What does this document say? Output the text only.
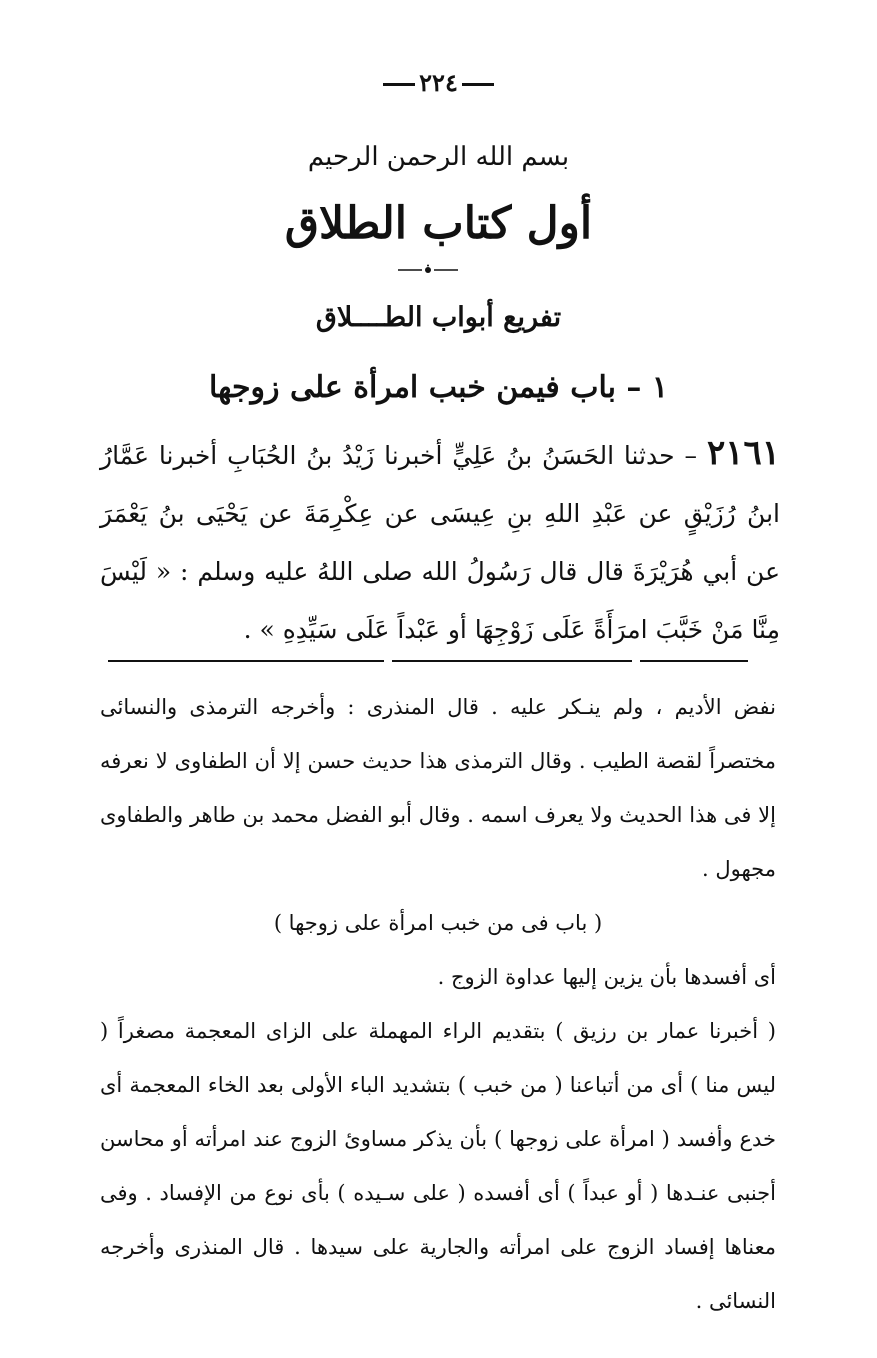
٢٢٤
بسم الله الرحمن الرحيم
أول كتاب الطلاق
تفريع أبواب الطــــلاق
١ – باب فيمن خبب امرأة على زوجها
٢١٦١– حدثنا الحَسَنُ بنُ عَلِيٍّ أخبرنا زَيْدُ بنُ الحُبَابِ أخبرنا عَمَّارُ ابنُ رُزَيْقٍ عن عَبْدِ اللهِ بنِ عِيسَى عن عِكْرِمَةَ عن يَحْيَى بنُ يَعْمَرَ عن أبي هُرَيْرَةَ قال قال رَسُولُ الله صلى اللهُ عليه وسلم : « لَيْسَ مِنَّا مَنْ خَبَّبَ امرَأَةً عَلَى زَوْجِهَا أو عَبْداً عَلَى سَيِّدِهِ » .

نفض الأديم ، ولم ينـكر عليه . قال المنذرى : وأخرجه الترمذى والنسائى مختصراً لقصة الطيب . وقال الترمذى هذا حديث حسن إلا أن الطفاوى لا نعرفه إلا فى هذا الحديث ولا يعرف اسمه . وقال أبو الفضل محمد بن طاهر والطفاوى مجهول .

( باب فى من خبب امرأة على زوجها )

أى أفسدها بأن يزين إليها عداوة الزوج .

( أخبرنا عمار بن رزيق ) بتقديم الراء المهملة على الزاى المعجمة مصغراً ( ليس منا ) أى من أتباعنا ( من خبب ) بتشديد الباء الأولى بعد الخاء المعجمة أى خدع وأفسد ( امرأة على زوجها ) بأن يذكر مساوئ الزوج عند امرأته أو محاسن أجنبى عنـدها ( أو عبداً ) أى أفسده ( على سـيده ) بأى نوع من الإفساد . وفى معناها إفساد الزوج على امرأته والجارية على سيدها . قال المنذرى وأخرجه النسائى .
